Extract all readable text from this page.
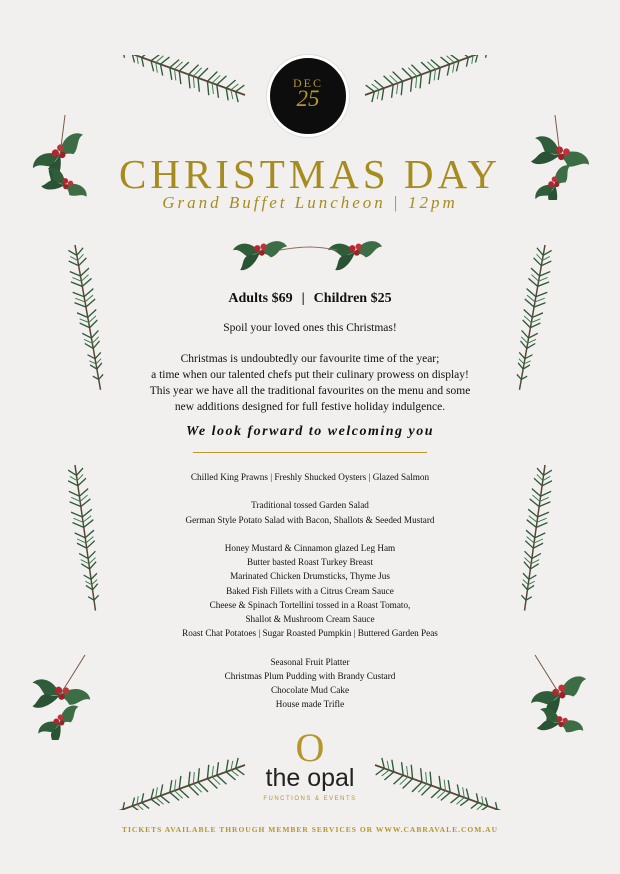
DEC
25
CHRISTMAS DAY
Grand Buffet Luncheon | 12pm
Adults $69 | Children $25
Spoil your loved ones this Christmas!
Christmas is undoubtedly our favourite time of the year;
a time when our talented chefs put their culinary prowess on display!
This year we have all the traditional favourites on the menu and some
new additions designed for full festive holiday indulgence.
We look forward to welcoming you
Chilled King Prawns | Freshly Shucked Oysters | Glazed Salmon
Traditional tossed Garden Salad
German Style Potato Salad with Bacon, Shallots & Seeded Mustard
Honey Mustard & Cinnamon glazed Leg Ham
Butter basted Roast Turkey Breast
Marinated Chicken Drumsticks, Thyme Jus
Baked Fish Fillets with a Citrus Cream Sauce
Cheese & Spinach Tortellini tossed in a Roast Tomato,
Shallot & Mushroom Cream Sauce
Roast Chat Potatoes | Sugar Roasted Pumpkin | Buttered Garden Peas
Seasonal Fruit Platter
Christmas Plum Pudding with Brandy Custard
Chocolate Mud Cake
House made Trifle
O
the opal
FUNCTIONS & EVENTS
TICKETS AVAILABLE THROUGH MEMBER SERVICES OR WWW.CABRAVALE.COM.AU
